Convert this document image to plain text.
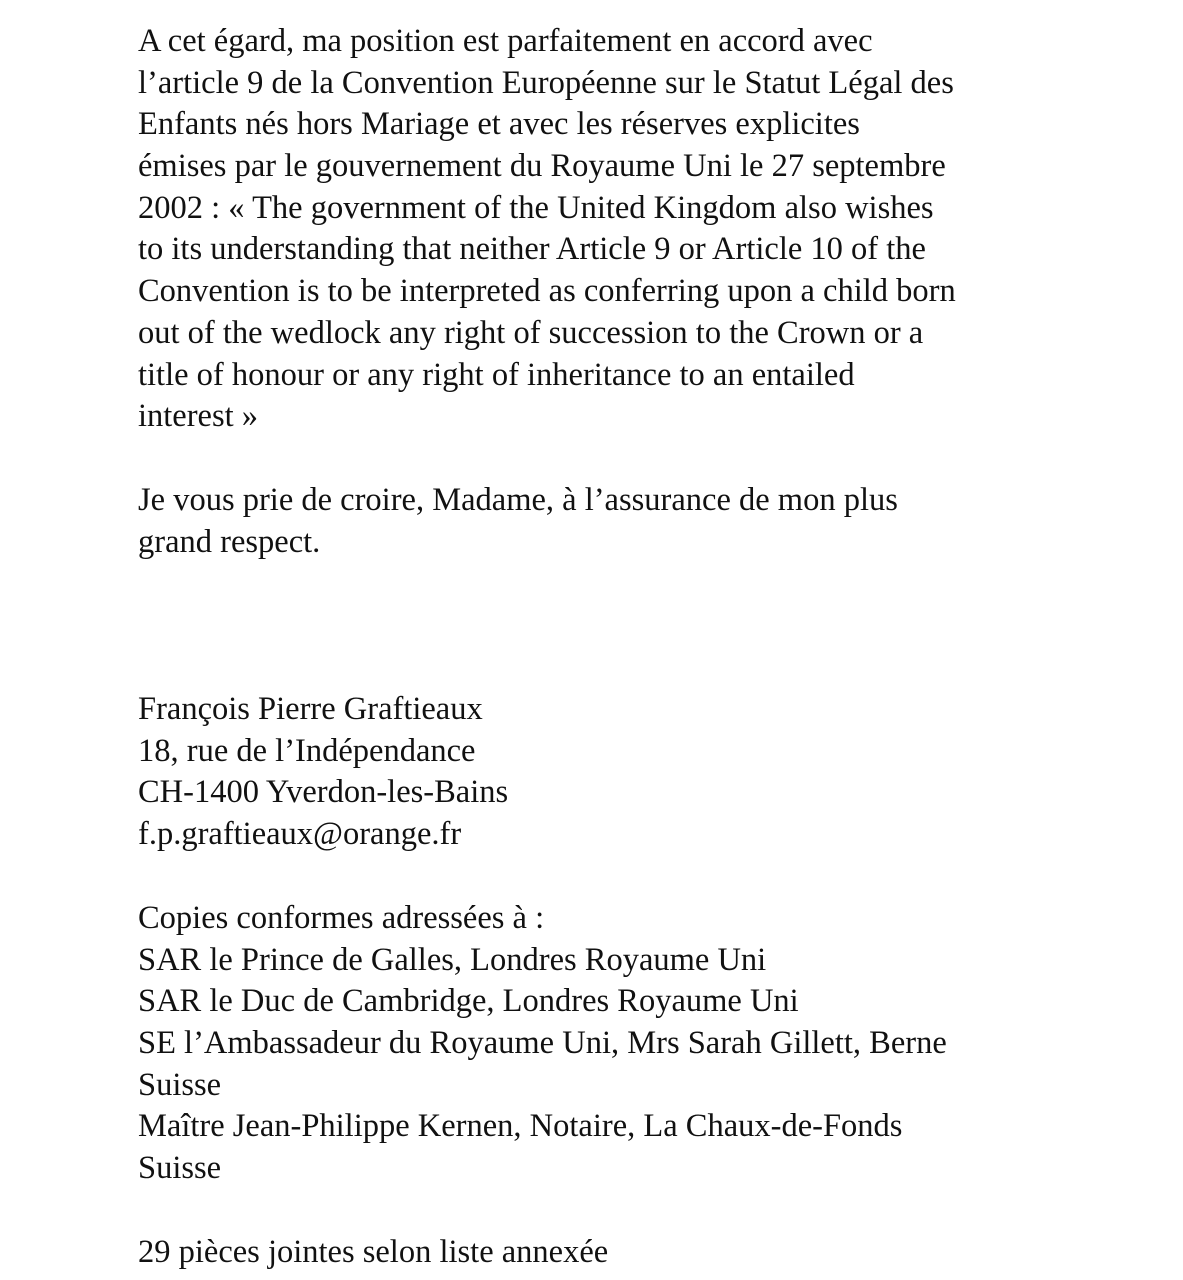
A cet égard, ma position est parfaitement en accord avec
l’article 9 de la Convention Européenne sur le Statut Légal des
Enfants nés hors Mariage et avec les réserves explicites
émises par le gouvernement du Royaume Uni le 27 septembre
2002 : « The government of the United Kingdom also wishes
to its understanding that neither Article 9 or Article 10 of the
Convention is to be interpreted as conferring upon a child born
out of the wedlock any right of succession to the Crown or a
title of honour or any right of inheritance to an entailed
interest »
Je vous prie de croire, Madame, à l’assurance de mon plus
grand respect.
François Pierre Graftieaux
18, rue de l’Indépendance
CH-1400 Yverdon-les-Bains
f.p.graftieaux@orange.fr
Copies conformes adressées à :
SAR le Prince de Galles, Londres Royaume Uni
SAR le Duc de Cambridge, Londres Royaume Uni
SE l’Ambassadeur du Royaume Uni, Mrs Sarah Gillett, Berne
Suisse
Maître Jean-Philippe Kernen, Notaire, La Chaux-de-Fonds
Suisse
29 pièces jointes selon liste annexée
